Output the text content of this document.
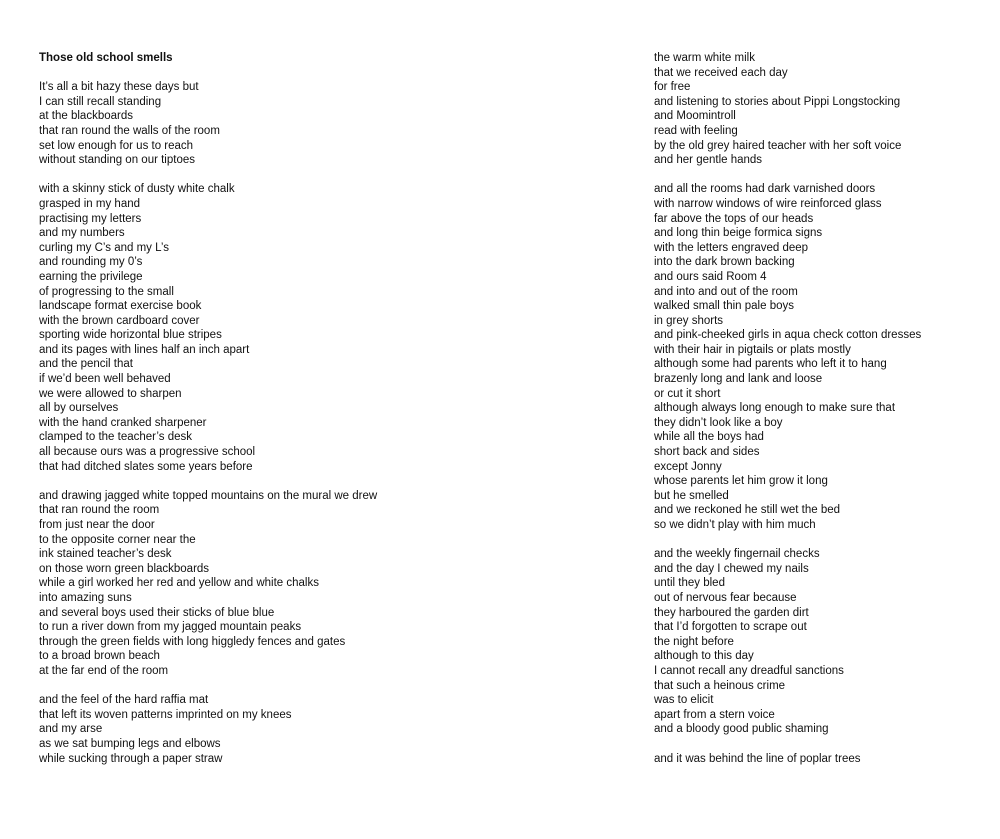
Those old school smells
It’s all a bit hazy these days but
I can still recall standing
at the blackboards
that ran round the walls of the room
set low enough for us to reach
without standing on our tiptoes
with a skinny stick of dusty white chalk
grasped in my hand
practising my letters
and my numbers
curling my C’s and my L’s
and rounding my 0’s
earning the privilege
of progressing to the small
landscape format exercise book
with the brown cardboard cover
sporting wide horizontal blue stripes
and its pages with lines half an inch apart
and the pencil that
if we’d been well behaved
we were allowed to sharpen
all by ourselves
with the hand cranked sharpener
clamped to the teacher’s desk
all because ours was a progressive school
that had ditched slates some years before
and drawing jagged white topped mountains on the mural we drew
that ran round the room
from just near the door
to the opposite corner near the
ink stained teacher’s desk
on those worn green blackboards
while a girl worked her red and yellow and white chalks
into amazing suns
and several boys used their sticks of blue blue
to run a river down from my jagged mountain peaks
through the green fields with long higgledy fences and gates
to a broad brown beach
at the far end of the room
and the feel of the hard raffia mat
that left its woven patterns imprinted on my knees
and my arse
as we sat bumping legs and elbows
while sucking through a paper straw
the warm white milk
that we received each day
for free
and listening to stories about Pippi Longstocking
and Moomintroll
read with feeling
by the old grey haired teacher with her soft voice
and her gentle hands
and all the rooms had dark varnished doors
with narrow windows of wire reinforced glass
far above the tops of our heads
and long thin beige formica signs
with the letters engraved deep
into the dark brown backing
and ours said Room 4
and into and out of the room
walked small thin pale boys
in grey shorts
and pink-cheeked girls in aqua check cotton dresses
with their hair in pigtails or plats mostly
although some had parents who left it to hang
brazenly long and lank and loose
or cut it short
although always long enough to make sure that
they didn’t look like a boy
while all the boys had
short back and sides
except Jonny
whose parents let him grow it long
but he smelled
and we reckoned he still wet the bed
so we didn’t play with him much
and the weekly fingernail checks
and the day I chewed my nails
until they bled
out of nervous fear because
they harboured the garden dirt
that I’d forgotten to scrape out
the night before
although to this day
I cannot recall any dreadful sanctions
that such a heinous crime
was to elicit
apart from a stern voice
and a bloody good public shaming
and it was behind the line of poplar trees
